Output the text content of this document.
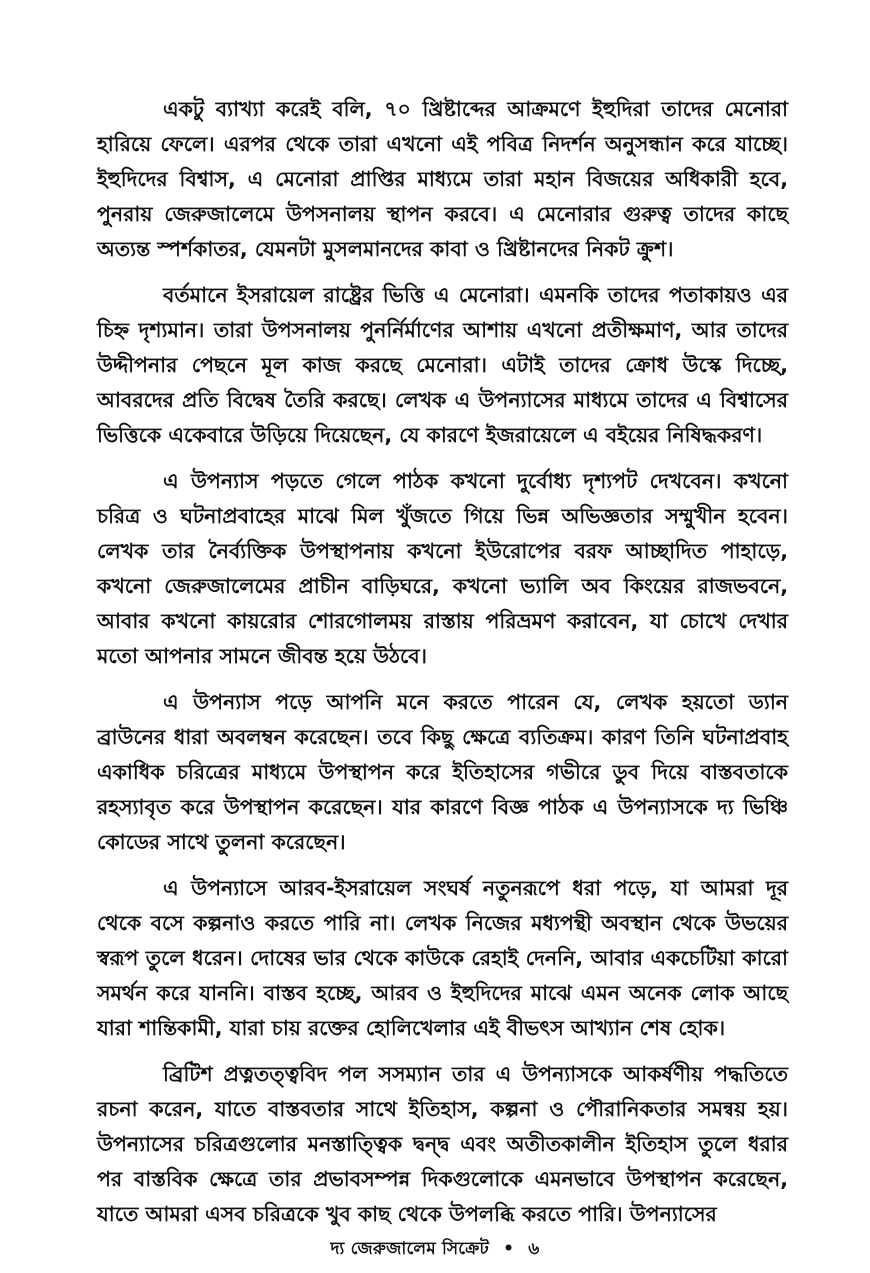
একটু ব্যাখ্যা করেই বলি, ৭০ খ্রিষ্টাব্দের আক্রমণে ইহুদিরা তাদের মেনোরা হারিয়ে ফেলে। এরপর থেকে তারা এখনো এই পবিত্র নিদর্শন অনুসন্ধান করে যাচ্ছে। ইহুদিদের বিশ্বাস, এ মেনোরা প্রাপ্তির মাধ্যমে তারা মহান বিজয়ের অধিকারী হবে, পুনরায় জেরুজালেমে উপসনালয় স্থাপন করবে। এ মেনোরার গুরুত্ব তাদের কাছে অত্যন্ত স্পর্শকাতর, যেমনটা মুসলমানদের কাবা ও খ্রিষ্টানদের নিকট ক্রুশ।

বর্তমানে ইসরায়েল রাষ্ট্রের ভিত্তি এ মেনোরা। এমনকি তাদের পতাকায়ও এর চিহ্ন দৃশ্যমান। তারা উপসনালয় পুনর্নির্মাণের আশায় এখনো প্রতীক্ষমাণ, আর তাদের উদ্দীপনার পেছনে মূল কাজ করছে মেনোরা। এটাই তাদের ক্রোধ উস্কে দিচ্ছে, আবরদের প্রতি বিদ্বেষ তৈরি করছে। লেখক এ উপন্যাসের মাধ্যমে তাদের এ বিশ্বাসের ভিত্তিকে একেবারে উড়িয়ে দিয়েছেন, যে কারণে ইজরায়েলে এ বইয়ের নিষিদ্ধকরণ।

এ উপন্যাস পড়তে গেলে পাঠক কখনো দুর্বোধ্য দৃশ্যপট দেখবেন। কখনো চরিত্র ও ঘটনাপ্রবাহের মাঝে মিল খুঁজতে গিয়ে ভিন্ন অভিজ্ঞতার সম্মুখীন হবেন। লেখক তার নৈর্ব্যক্তিক উপস্থাপনায় কখনো ইউরোপের বরফ আচ্ছাদিত পাহাড়ে, কখনো জেরুজালেমের প্রাচীন বাড়িঘরে, কখনো ভ্যালি অব কিংয়ের রাজভবনে, আবার কখনো কায়রোর শোরগোলময় রাস্তায় পরিভ্রমণ করাবেন, যা চোখে দেখার মতো আপনার সামনে জীবন্ত হয়ে উঠবে।

এ উপন্যাস পড়ে আপনি মনে করতে পারেন যে, লেখক হয়তো ড্যান ব্রাউনের ধারা অবলম্বন করেছেন। তবে কিছু ক্ষেত্রে ব্যতিক্রম। কারণ তিনি ঘটনাপ্রবাহ একাধিক চরিত্রের মাধ্যমে উপস্থাপন করে ইতিহাসের গভীরে ডুব দিয়ে বাস্তবতাকে রহস্যাবৃত করে উপস্থাপন করেছেন। যার কারণে বিজ্ঞ পাঠক এ উপন্যাসকে দ্য ভিঞ্চি কোডের সাথে তুলনা করেছেন।

এ উপন্যাসে আরব-ইসরায়েল সংঘর্ষ নতুনরূপে ধরা পড়ে, যা আমরা দূর থেকে বসে কল্পনাও করতে পারি না। লেখক নিজের মধ্যপন্থী অবস্থান থেকে উভয়ের স্বরূপ তুলে ধরেন। দোষের ভার থেকে কাউকে রেহাই দেননি, আবার একচেটিয়া কারো সমর্থন করে যাননি। বাস্তব হচ্ছে, আরব ও ইহুদিদের মাঝে এমন অনেক লোক আছে যারা শান্তিকামী, যারা চায় রক্তের হোলিখেলার এই বীভৎস আখ্যান শেষ হোক।

ব্রিটিশ প্রত্নতত্ত্ববিদ পল সসম্যান তার এ উপন্যাসকে আকর্ষণীয় পদ্ধতিতে রচনা করেন, যাতে বাস্তবতার সাথে ইতিহাস, কল্পনা ও পৌরানিকতার সমন্বয় হয়। উপন্যাসের চরিত্রগুলোর মনস্তাত্ত্বিক দ্বন্দ্ব এবং অতীতকালীন ইতিহাস তুলে ধরার পর বাস্তবিক ক্ষেত্রে তার প্রভাবসম্পন্ন দিকগুলোকে এমনভাবে উপস্থাপন করেছেন, যাতে আমরা এসব চরিত্রকে খুব কাছ থেকে উপলব্ধি করতে পারি। উপন্যাসের

দ্য জেরুজালেম সিক্রেট • ৬
